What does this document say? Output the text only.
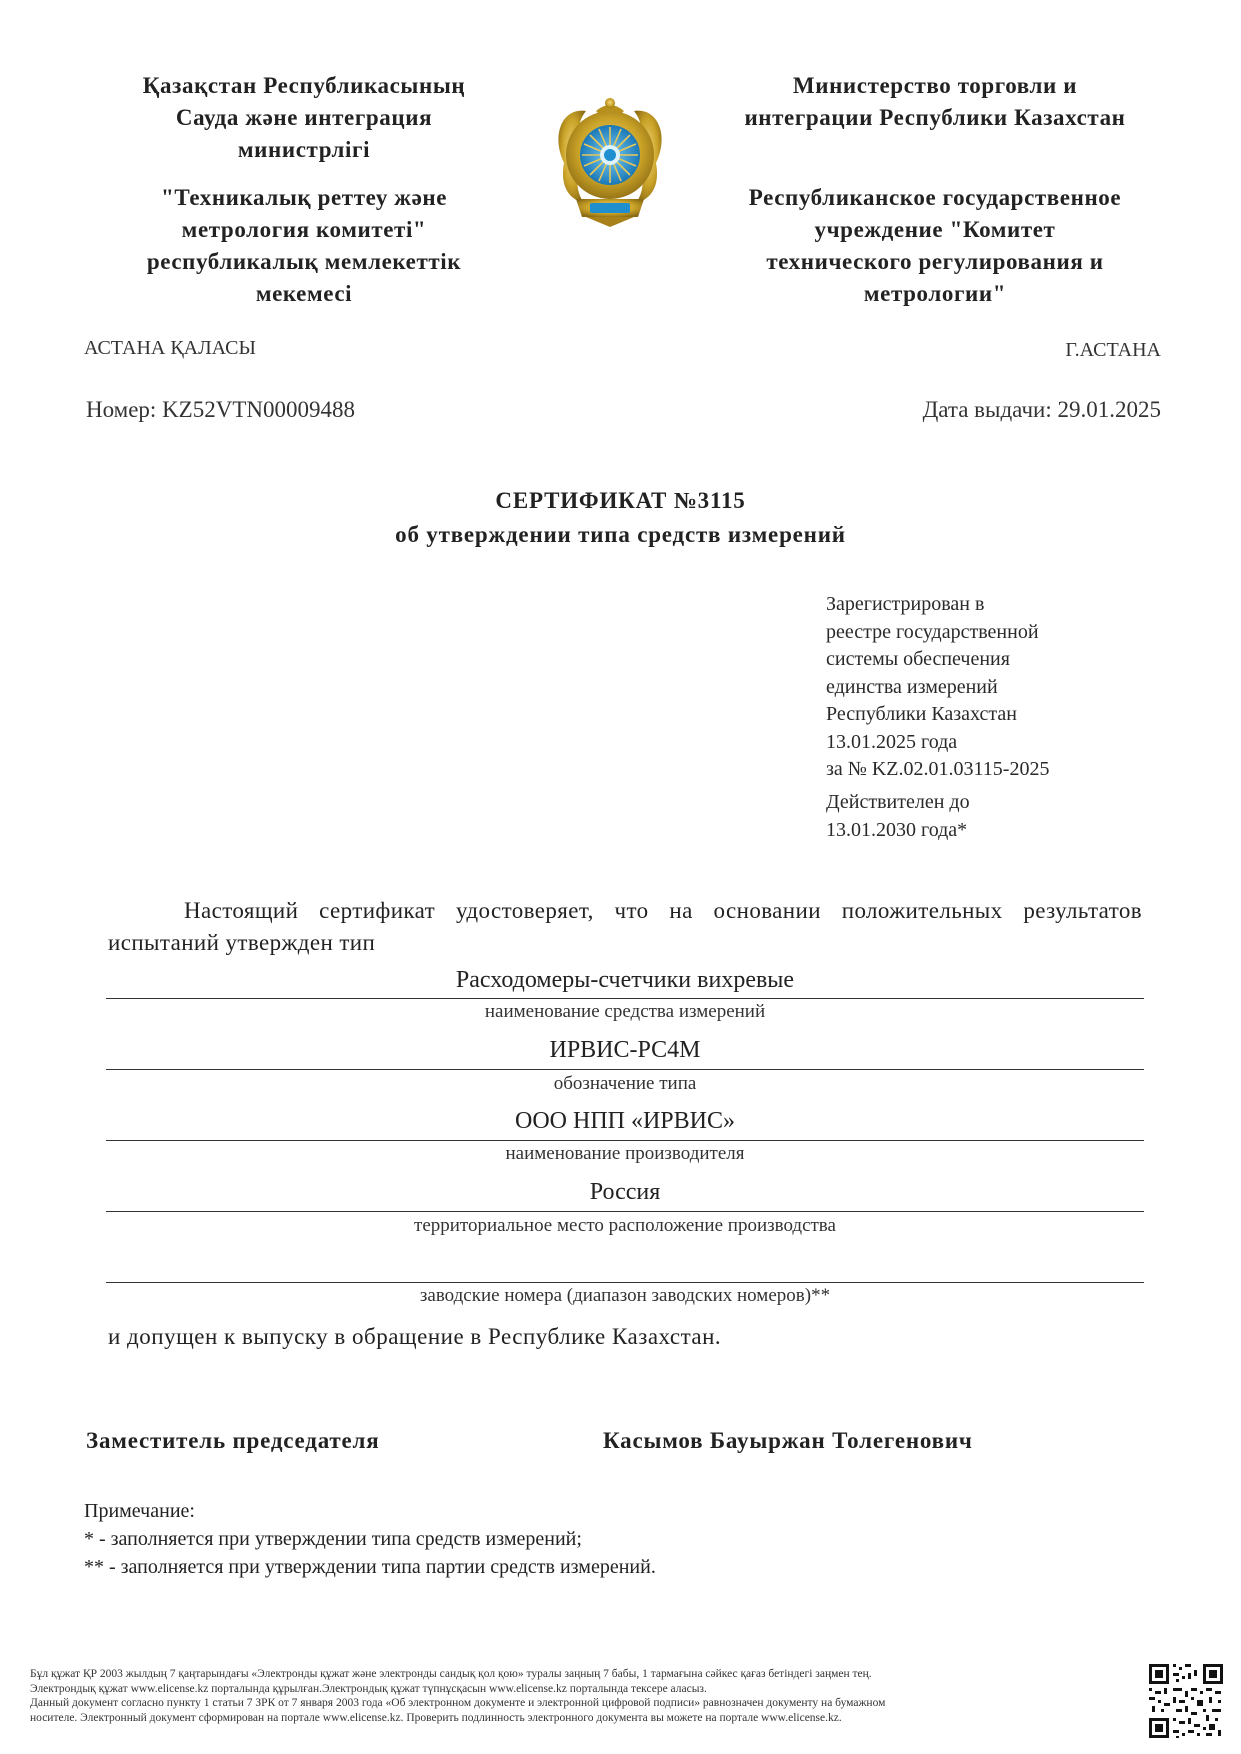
Қазақстан Республикасының
Сауда және интеграция
министрлігі
"Техникалық реттеу және
метрология комитеті"
республикалық мемлекеттік
мекемесі
Министерство торговли и
интеграции Республики Казахстан
Республиканское государственное
учреждение "Комитет
технического регулирования и
метрологии"
АСТАНА ҚАЛАСЫ	Г.АСТАНА
Номер: KZ52VTN00009488	Дата выдачи: 29.01.2025
СЕРТИФИКАТ №3115
об утверждении типа средств измерений
Зарегистрирован в
реестре государственной
системы обеспечения
единства измерений
Республики Казахстан
13.01.2025 года
за № KZ.02.01.03115-2025
Действителен до
13.01.2030 года*
Настоящий сертификат удостоверяет, что на основании положительных результатов испытаний утвержден тип
Расходомеры-счетчики вихревые
наименование средства измерений
ИРВИС-РС4М
обозначение типа
ООО НПП «ИРВИС»
наименование производителя
Россия
территориальное место расположение производства
заводские номера (диапазон заводских номеров)**
и допущен к выпуску в обращение в Республике Казахстан.
Заместитель председателя	Касымов Бауыржан Толегенович
Примечание:
* - заполняется при утверждении типа средств измерений;
** - заполняется при утверждении типа партии средств измерений.
Бұл құжат ҚР 2003 жылдың 7 қаңтарындағы «Электронды құжат және электронды сандық қол қою» туралы заңның 7 бабы, 1 тармағына сәйкес қағаз бетіндегі заңмен тең.
Электрондық құжат www.elicense.kz порталында құрылған.Электрондық құжат түпнұсқасын www.elicense.kz порталында тексере аласыз.
Данный документ согласно пункту 1 статьи 7 ЗРК от 7 января 2003 года «Об электронном документе и электронной цифровой подписи» равнозначен документу на бумажном
носителе. Электронный документ сформирован на портале www.elicense.kz. Проверить подлинность электронного документа вы можете на портале www.elicense.kz.
